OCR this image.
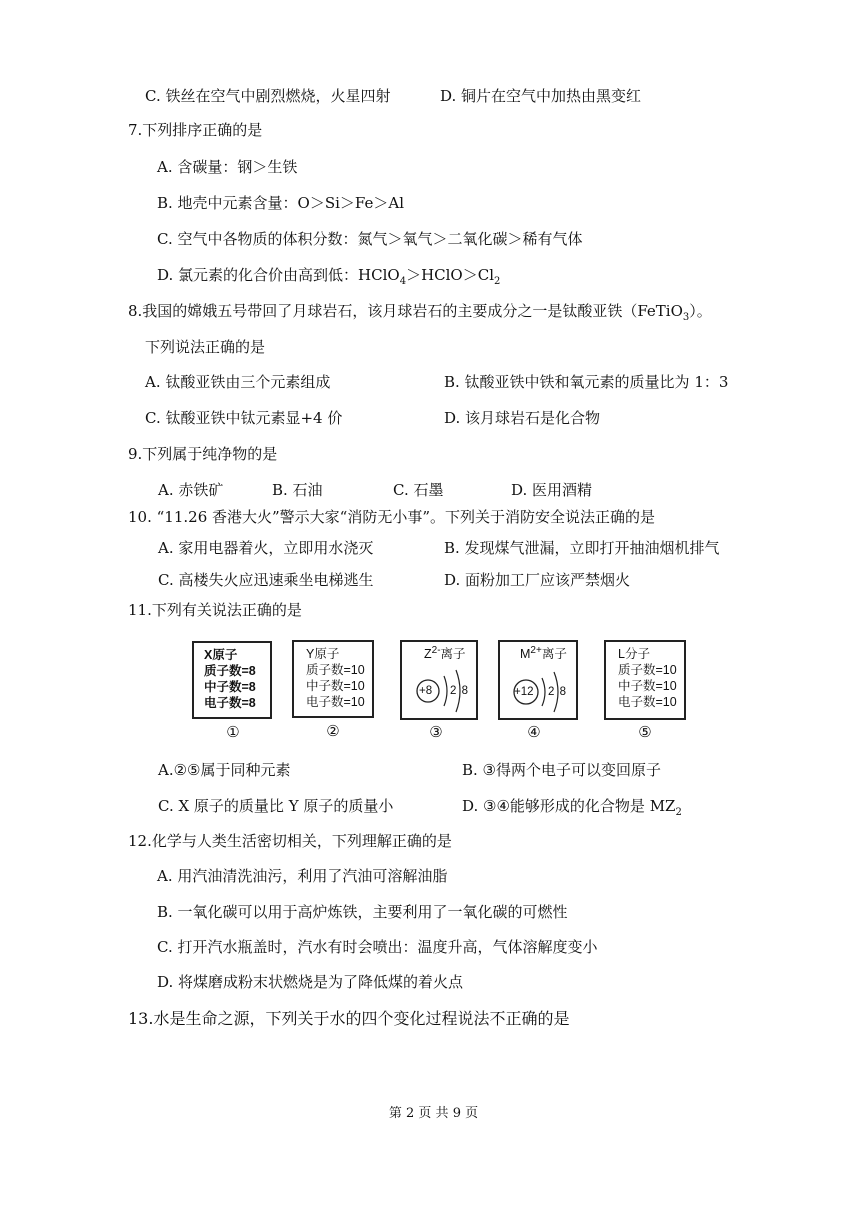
C. 铁丝在空气中剧烈燃烧，火星四射	D. 铜片在空气中加热由黑变红
7.下列排序正确的是
A. 含碳量：钢＞生铁
B. 地壳中元素含量：O＞Si＞Fe＞Al
C. 空气中各物质的体积分数：氮气＞氧气＞二氧化碳＞稀有气体
D. 氯元素的化合价由高到低：$HClO_4>HClO>Cl_2$
8.我国的嫦娥五号带回了月球岩石，该月球岩石的主要成分之一是钛酸亚铁（FeTiO$_3$）。
下列说法正确的是
A. 钛酸亚铁由三个元素组成	B. 钛酸亚铁中铁和氧元素的质量比为 1：3
C. 钛酸亚铁中钛元素显+4 价	D. 该月球岩石是化合物
9.下列属于纯净物的是
A. 赤铁矿	B. 石油	C. 石墨	D. 医用酒精
10. “11.26 香港大火”警示大家“消防无小事”。下列关于消防安全说法正确的是
A. 家用电器着火，立即用水浇灭	B. 发现煤气泄漏，立即打开抽油烟机排气
C. 高楼失火应迅速乘坐电梯逃生	D. 面粉加工厂应该严禁烟火
11.下列有关说法正确的是
X原子
质子数=8
中子数=8
电子数=8
①
Y原子
质子数=10
中子数=10
电子数=10
②
$Z^{2-}$离子
+8 2 8
③
$M^{2+}$离子
+12 2 8
④
L分子
质子数=10
中子数=10
电子数=10
⑤
A.②⑤属于同种元素	B. ③得两个电子可以变回原子
C. X 原子的质量比 Y 原子的质量小	D. ③④能够形成的化合物是 $MZ_2$
12.化学与人类生活密切相关，下列理解正确的是
A. 用汽油清洗油污，利用了汽油可溶解油脂
B. 一氧化碳可以用于高炉炼铁，主要利用了一氧化碳的可燃性
C. 打开汽水瓶盖时，汽水有时会喷出：温度升高，气体溶解度变小
D. 将煤磨成粉末状燃烧是为了降低煤的着火点
13.水是生命之源，下列关于水的四个变化过程说法不正确的是
第 2 页 共 9 页
